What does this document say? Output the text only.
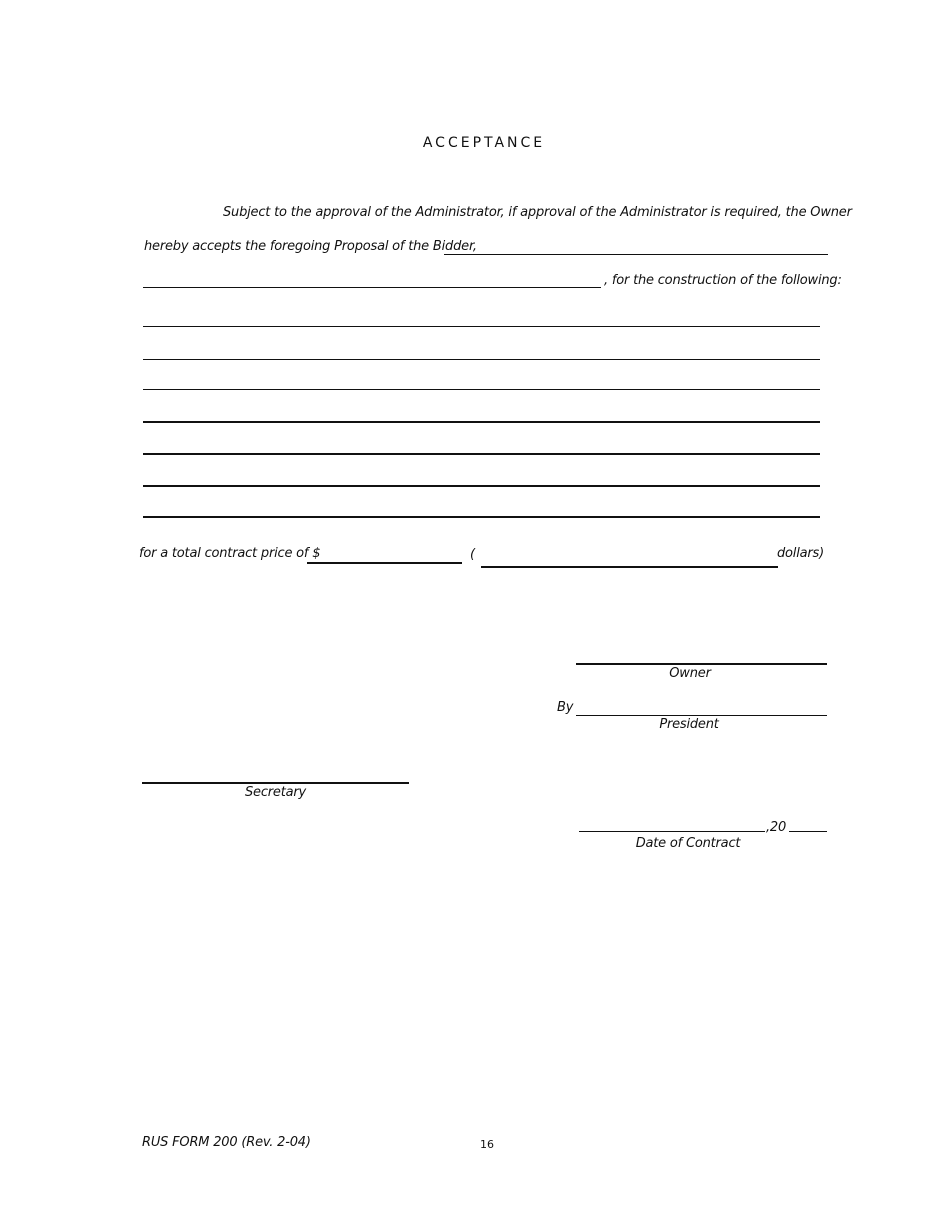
ACCEPTANCE
Subject to the approval of the Administrator, if approval of the Administrator is required, the Owner
hereby accepts the foregoing Proposal of the Bidder,
, for the construction of the following:
for a total contract price of $	(	dollars)
Owner
By
President
Secretary
,20
Date of Contract
RUS FORM 200 (Rev. 2-04)	16
